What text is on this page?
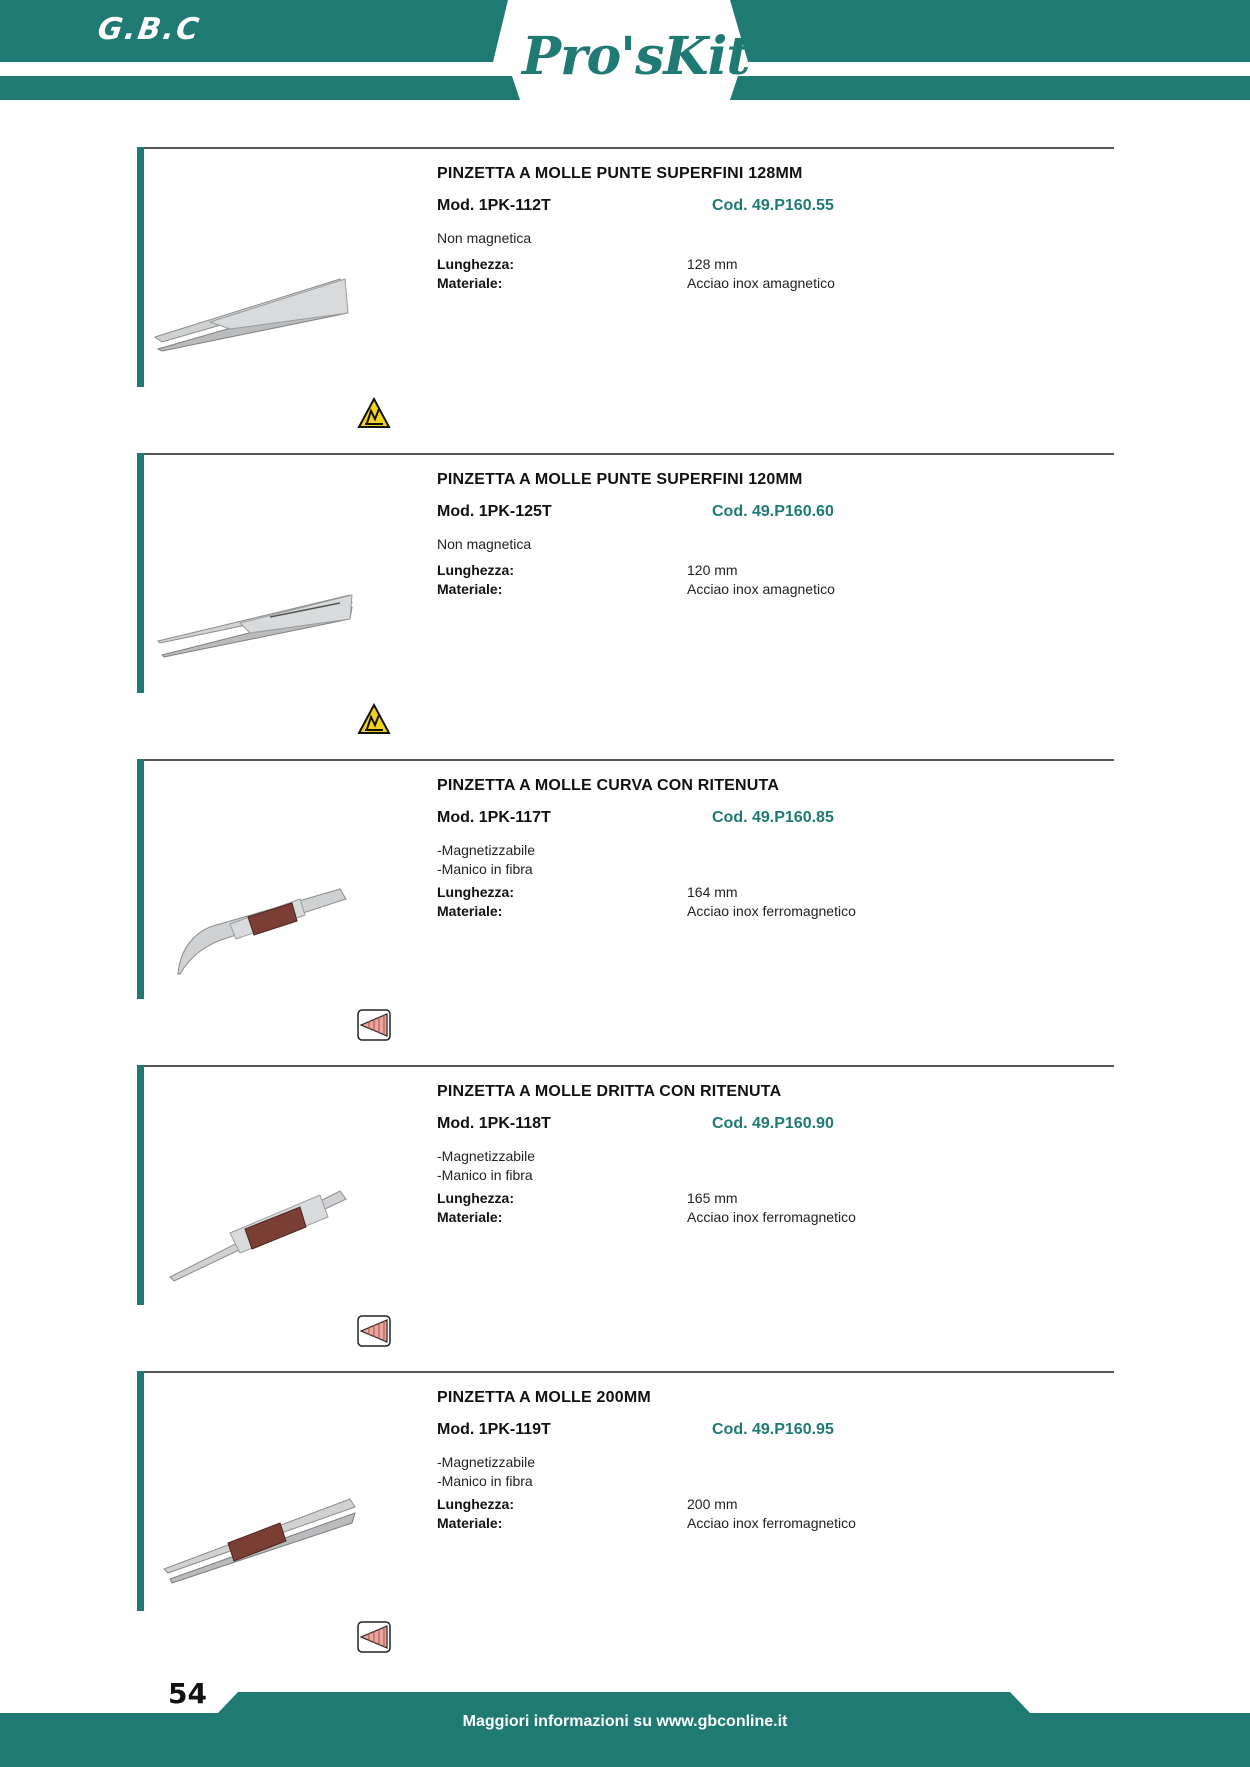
G.B.C	Pro'sKit®
PINZETTA A MOLLE PUNTE SUPERFINI 128MM
Mod. 1PK-112T	Cod. 49.P160.55
Non magnetica
Lunghezza:	128 mm
Materiale:	Acciao inox amagnetico
PINZETTA A MOLLE PUNTE SUPERFINI 120MM
Mod. 1PK-125T	Cod. 49.P160.60
Non magnetica
Lunghezza:	120 mm
Materiale:	Acciao inox amagnetico
PINZETTA A MOLLE CURVA CON RITENUTA
Mod. 1PK-117T	Cod. 49.P160.85
-Magnetizzabile
-Manico in fibra
Lunghezza:	164 mm
Materiale:	Acciao inox ferromagnetico
PINZETTA A MOLLE DRITTA CON RITENUTA
Mod. 1PK-118T	Cod. 49.P160.90
-Magnetizzabile
-Manico in fibra
Lunghezza:	165 mm
Materiale:	Acciao inox ferromagnetico
PINZETTA A MOLLE 200MM
Mod. 1PK-119T	Cod. 49.P160.95
-Magnetizzabile
-Manico in fibra
Lunghezza:	200 mm
Materiale:	Acciao inox ferromagnetico
54
Maggiori informazioni su www.gbconline.it
